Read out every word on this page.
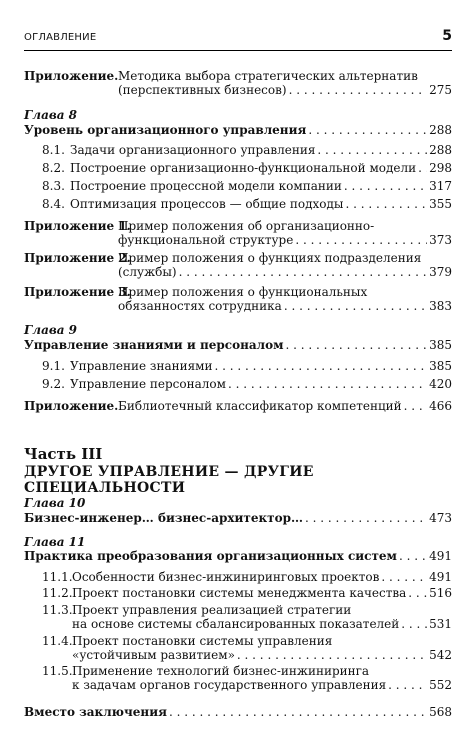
ОГЛАВЛЕНИЕ	5
Приложение. Методика выбора стратегических альтернатив
(перспективных бизнесов) . . .	275
Глава 8
Уровень организационного управления . . .	288
8.1. Задачи организационного управления . . .	288
8.2. Построение организационно-функциональной модели . . . 298
8.3. Построение процессной модели компании . . .	317
8.4. Оптимизация процессов — общие подходы . . .	355
Приложение 1.
Пример положения об организационно-
функциональной структуре . . .	373
Приложение 2.
Пример положения о функциях подразделения
(службы) . . .	379
Приложение 3.
Пример положения о функциональных
обязанностях сотрудника . . .	383
Глава 9
Управление знаниями и персоналом . . .	385
9.1. Управление знаниями . . .	385
9.2. Управление персоналом . . .	420
Приложение. Библиотечный классификатор компетенций . . . 466
Часть III
ДРУГОЕ УПРАВЛЕНИЕ — ДРУГИЕ СПЕЦИАЛЬНОСТИ
Глава 10
Бизнес-инженер… бизнес-архитектор… . . .	473
Глава 11
Практика преобразования организационных систем . . .	491
11.1. Особенности бизнес-инжиниринговых проектов . . .	491
11.2. Проект постановки системы менеджмента качества . . . 516
11.3. Проект управления реализацией стратегии
на основе системы сбалансированных показателей . . . 531
11.4. Проект постановки системы управления
«устойчивым развитием» . . .	542
11.5. Применение технологий бизнес-инжиниринга
к задачам органов государственного управления . . .	552
Вместо заключения . . .	568
